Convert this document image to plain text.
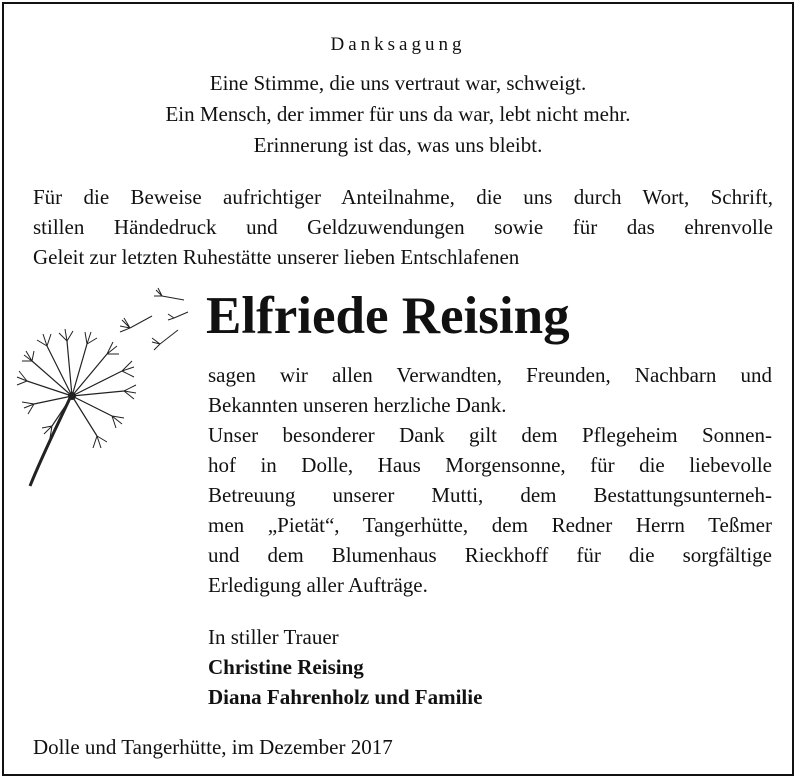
Danksagung
Eine Stimme, die uns vertraut war, schweigt.
Ein Mensch, der immer für uns da war, lebt nicht mehr.
Erinnerung ist das, was uns bleibt.
Für die Beweise aufrichtiger Anteilnahme, die uns durch Wort, Schrift,
stillen Händedruck und Geldzuwendungen sowie für das ehrenvolle
Geleit zur letzten Ruhestätte unserer lieben Entschlafenen
Elfriede Reising
sagen wir allen Verwandten, Freunden, Nachbarn und
Bekannten unseren herzliche Dank.
Unser besonderer Dank gilt dem Pflegeheim Sonnen-
hof in Dolle, Haus Morgensonne, für die liebevolle
Betreuung unserer Mutti, dem Bestattungsunterneh-
men „Pietät“, Tangerhütte, dem Redner Herrn Teßmer
und dem Blumenhaus Rieckhoff für die sorgfältige
Erledigung aller Aufträge.
In stiller Trauer
Christine Reising
Diana Fahrenholz und Familie
Dolle und Tangerhütte, im Dezember 2017
